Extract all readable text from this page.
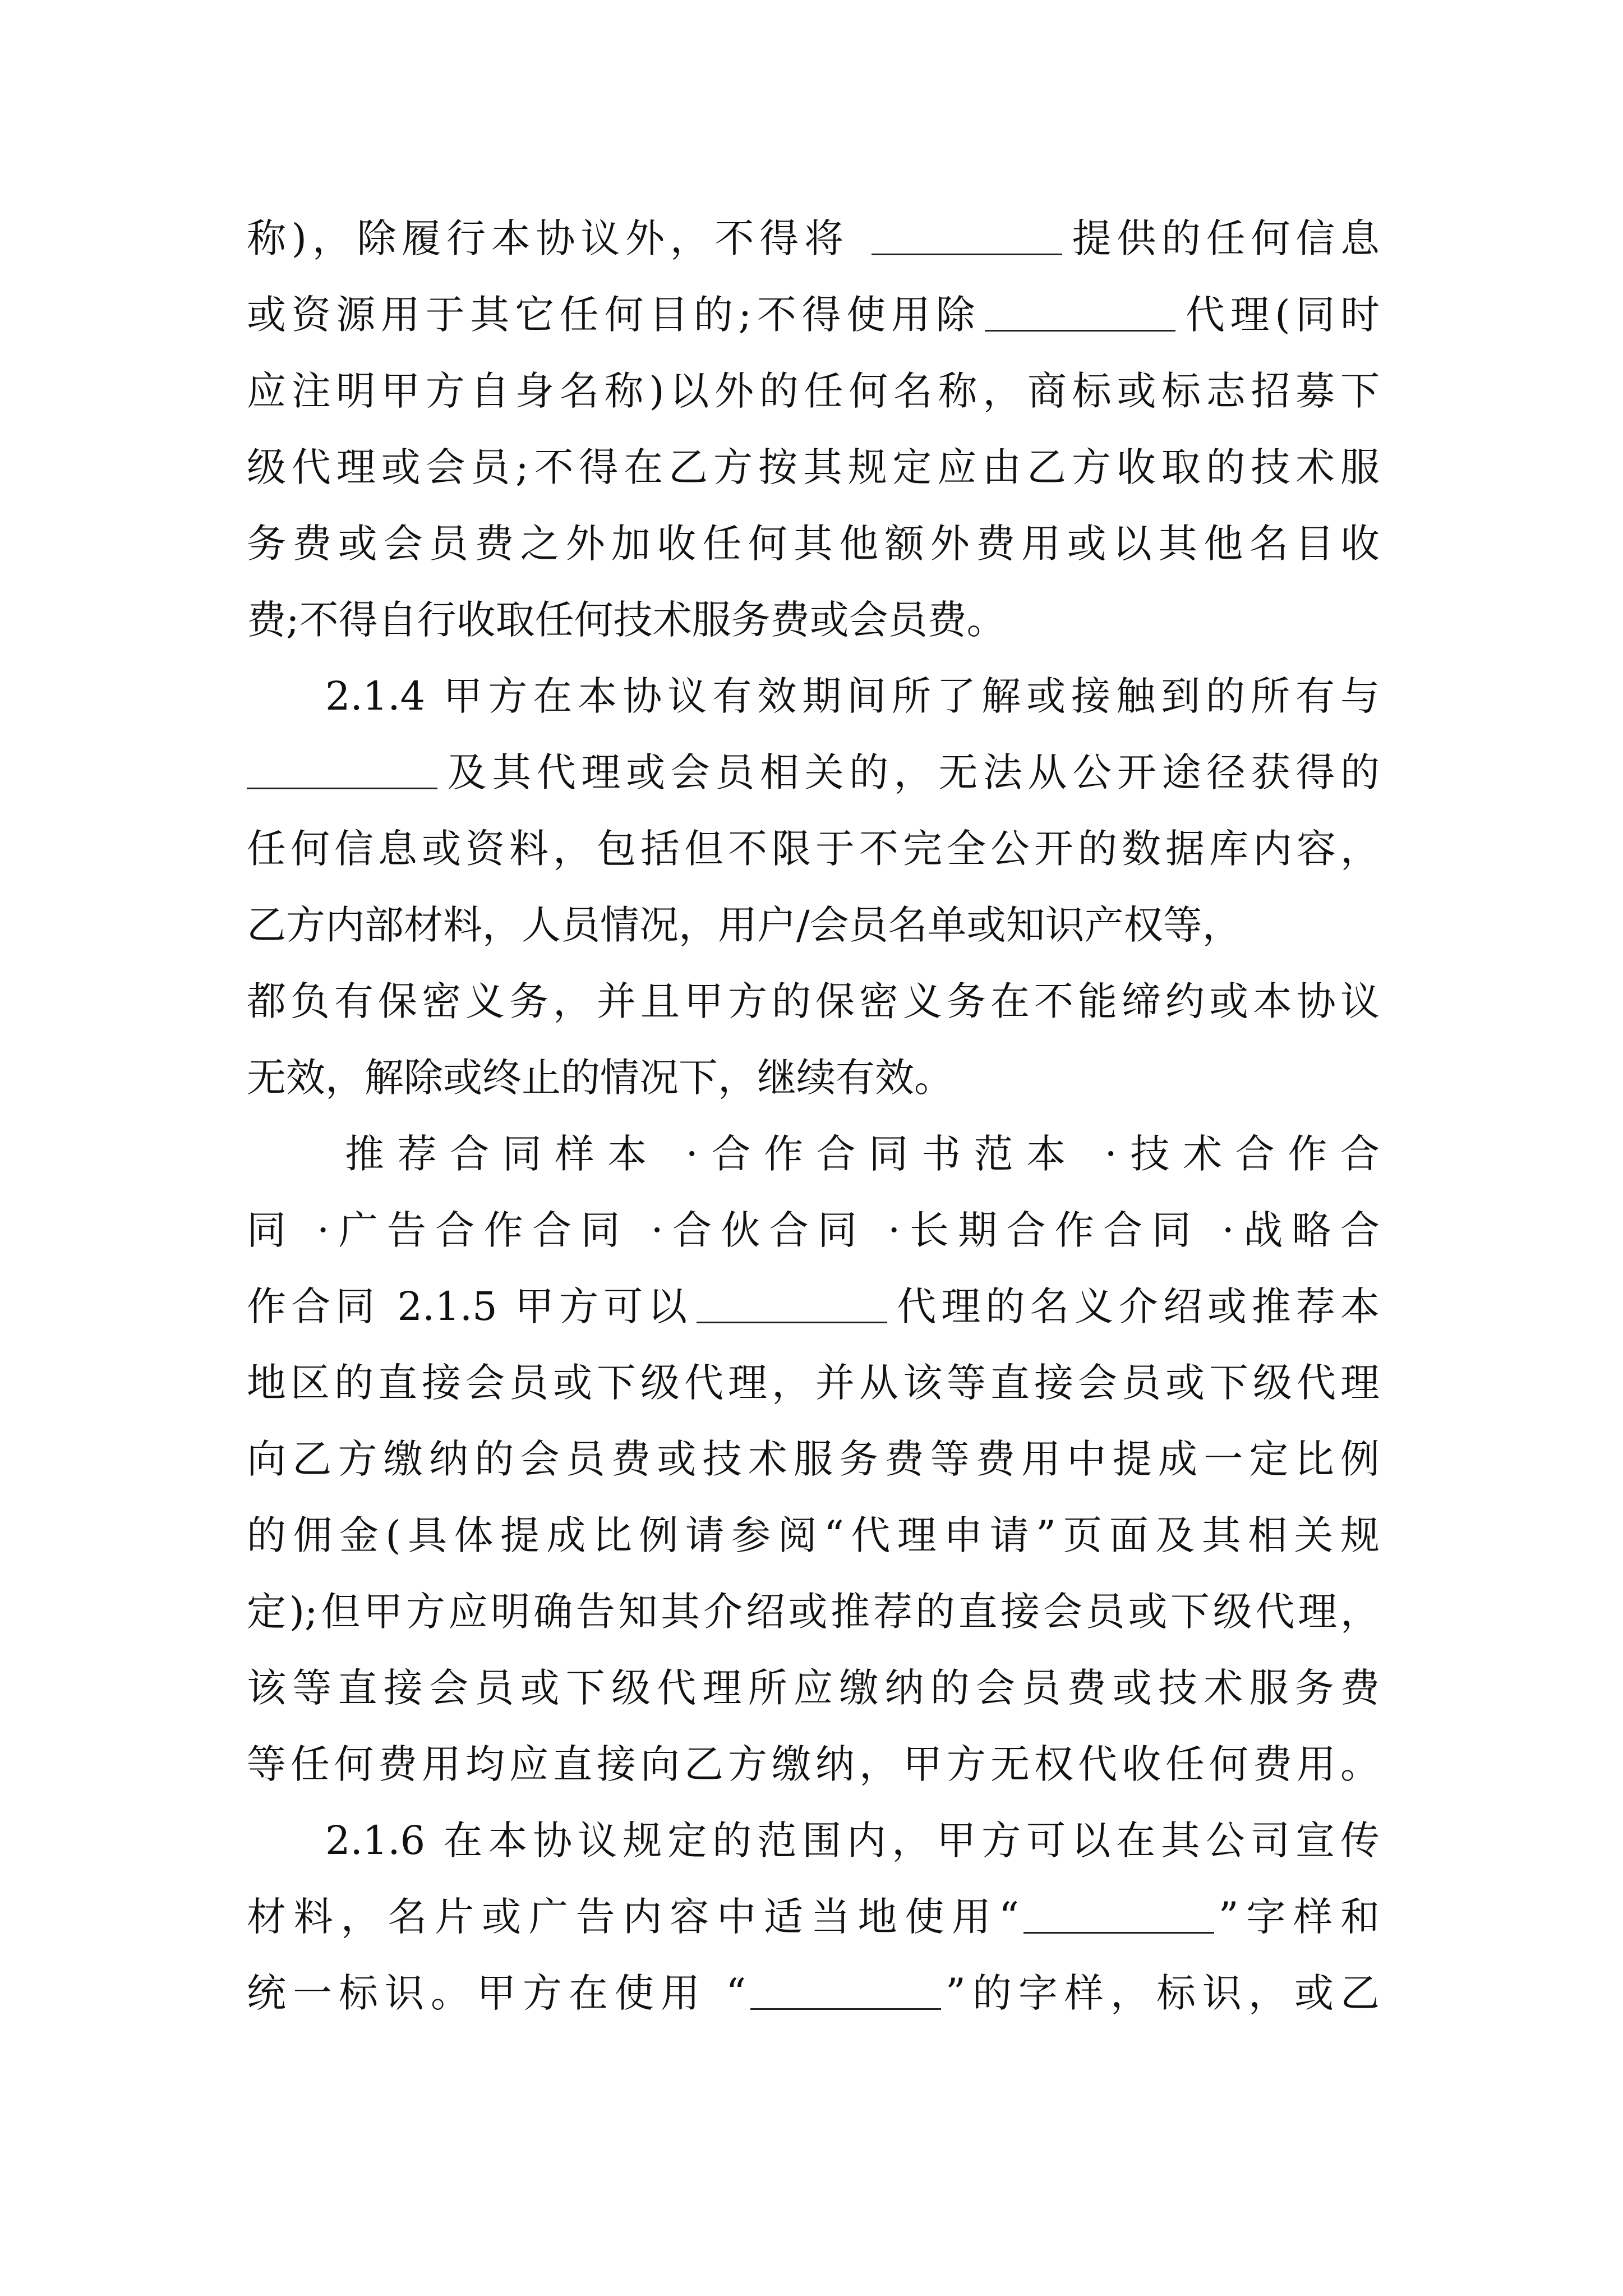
称)，除履行本协议外，不得将	提供的任何信息
或资源用于其它任何目的;不得使用除	代理(同时
应注明甲方自身名称)以外的任何名称，商标或标志招募下
级代理或会员;不得在乙方按其规定应由乙方收取的技术服
务费或会员费之外加收任何其他额外费用或以其他名目收
费;不得自行收取任何技术服务费或会员费。
2.1.4 甲方在本协议有效期间所了解或接触到的所有与
及其代理或会员相关的，无法从公开途径获得的
任何信息或资料，包括但不限于不完全公开的数据库内容，
乙方内部材料，人员情况，用户/会员名单或知识产权等，
都负有保密义务，并且甲方的保密义务在不能缔约或本协议
无效，解除或终止的情况下，继续有效。
推荐合同样本 ·合作合同书范本 ·技术合作合
同 ·广告合作合同 ·合伙合同 ·长期合作合同 ·战略合
作合同 2.1.5 甲方可以	代理的名义介绍或推荐本
地区的直接会员或下级代理，并从该等直接会员或下级代理
向乙方缴纳的会员费或技术服务费等费用中提成一定比例
的佣金(具体提成比例请参阅“代理申请”页面及其相关规
定);但甲方应明确告知其介绍或推荐的直接会员或下级代理，
该等直接会员或下级代理所应缴纳的会员费或技术服务费
等任何费用均应直接向乙方缴纳，甲方无权代收任何费用。
2.1.6 在本协议规定的范围内，甲方可以在其公司宣传
材料，名片或广告内容中适当地使用“	”字样和
统一标识。甲方在使用 “	”的字样，标识，或乙
